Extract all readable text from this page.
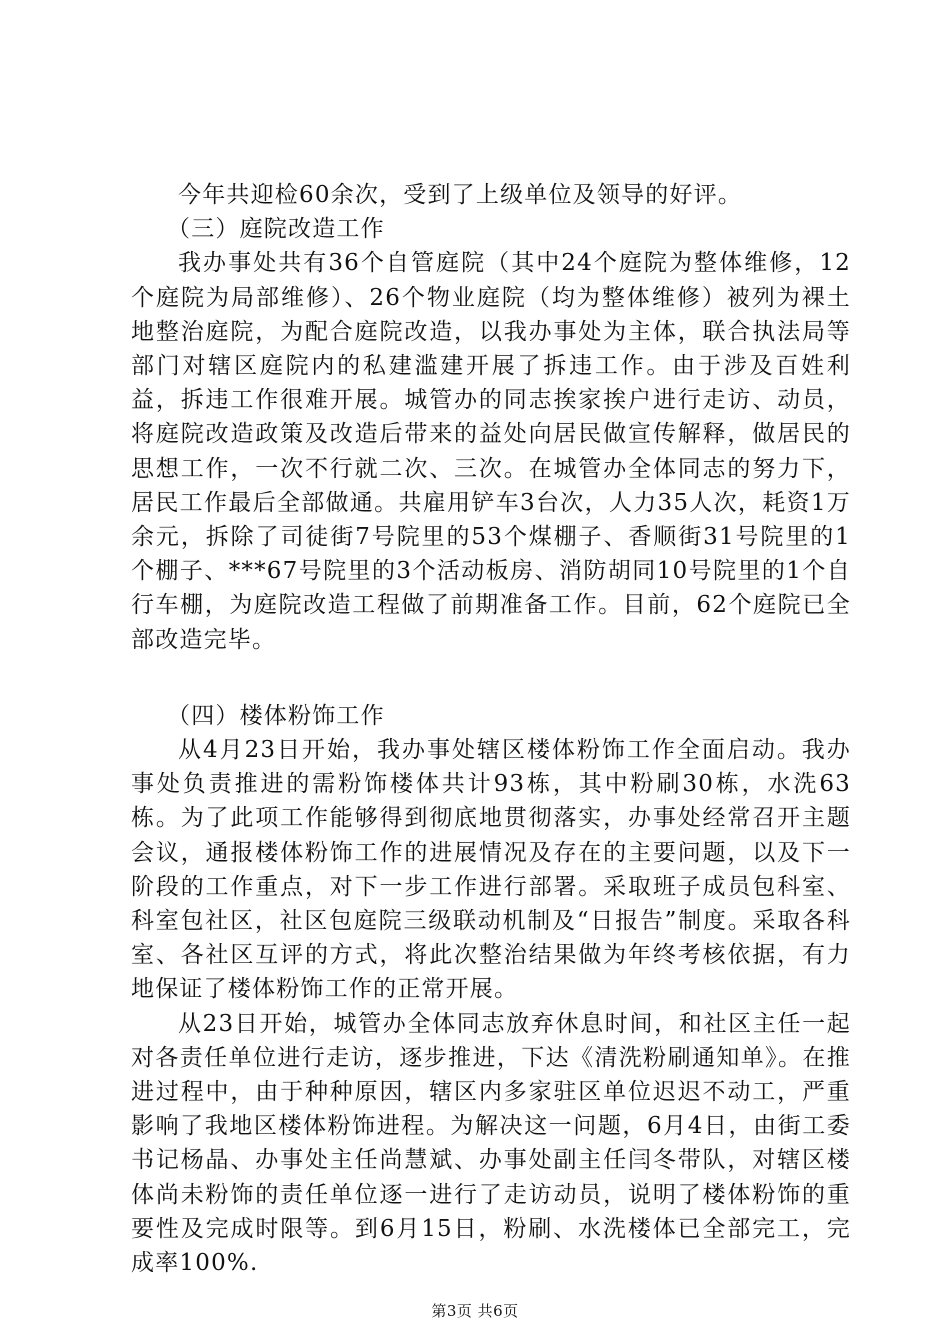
今年共迎检60余次，受到了上级单位及领导的好评。

（三）庭院改造工作

我办事处共有36个自管庭院（其中24个庭院为整体维修，12个庭院为局部维修）、26个物业庭院（均为整体维修）被列为裸土地整治庭院，为配合庭院改造，以我办事处为主体，联合执法局等部门对辖区庭院内的私建滥建开展了拆违工作。由于涉及百姓利益，拆违工作很难开展。城管办的同志挨家挨户进行走访、动员，将庭院改造政策及改造后带来的益处向居民做宣传解释，做居民的思想工作，一次不行就二次、三次。在城管办全体同志的努力下，居民工作最后全部做通。共雇用铲车3台次，人力35人次，耗资1万余元，拆除了司徒街7号院里的53个煤棚子、香顺街31号院里的1个棚子、***67号院里的3个活动板房、消防胡同10号院里的1个自行车棚，为庭院改造工程做了前期准备工作。目前，62个庭院已全部改造完毕。

（四）楼体粉饰工作

从4月23日开始，我办事处辖区楼体粉饰工作全面启动。我办事处负责推进的需粉饰楼体共计93栋，其中粉刷30栋，水洗63栋。为了此项工作能够得到彻底地贯彻落实，办事处经常召开主题会议，通报楼体粉饰工作的进展情况及存在的主要问题，以及下一阶段的工作重点，对下一步工作进行部署。采取班子成员包科室、科室包社区，社区包庭院三级联动机制及“日报告”制度。采取各科室、各社区互评的方式，将此次整治结果做为年终考核依据，有力地保证了楼体粉饰工作的正常开展。

从23日开始，城管办全体同志放弃休息时间，和社区主任一起对各责任单位进行走访，逐步推进，下达《清洗粉刷通知单》。在推进过程中，由于种种原因，辖区内多家驻区单位迟迟不动工，严重影响了我地区楼体粉饰进程。为解决这一问题，6月4日，由街工委书记杨晶、办事处主任尚慧斌、办事处副主任闫冬带队，对辖区楼体尚未粉饰的责任单位逐一进行了走访动员，说明了楼体粉饰的重要性及完成时限等。到6月15日，粉刷、水洗楼体已全部完工，完成率100%.

第3页 共6页
